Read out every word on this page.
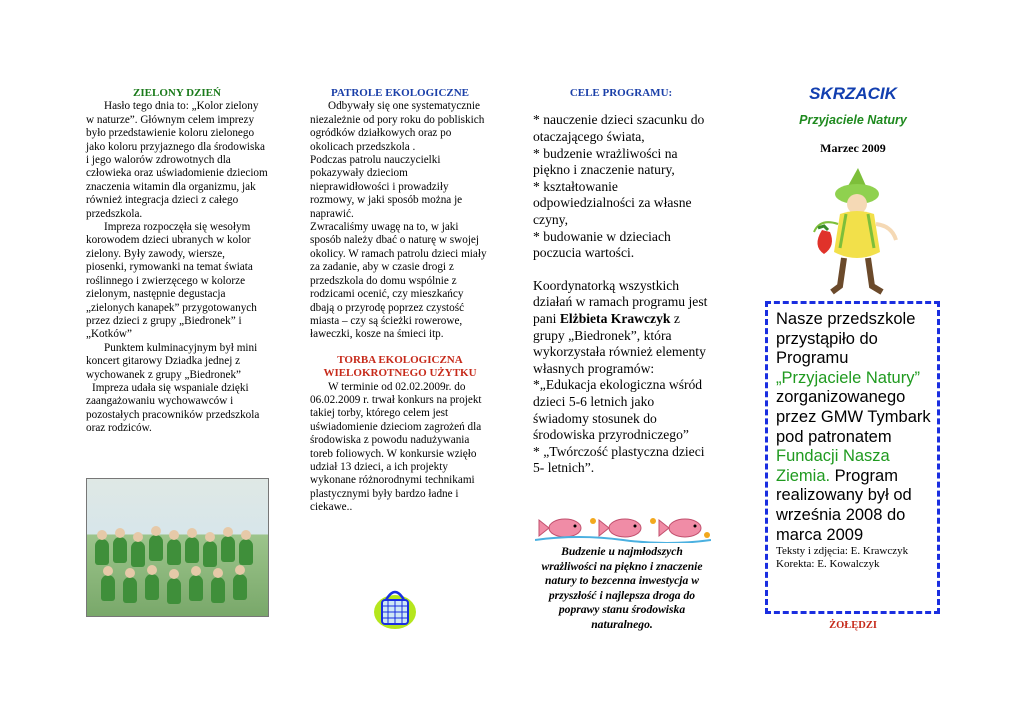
ZIELONY DZIEŃ

Hasło tego dnia to: „Kolor zielony w naturze”. Głównym celem imprezy było przedstawienie koloru zielonego jako koloru przyjaznego dla środowiska i jego walorów zdrowotnych dla człowieka oraz uświadomienie dzieciom znaczenia witamin dla organizmu, jak również integracja dzieci z całego przedszkola.

Impreza rozpoczęła się wesołym korowodem dzieci ubranych w kolor zielony. Były zawody, wiersze, piosenki, rymowanki na temat świata roślinnego i zwierzęcego w kolorze zielonym, następnie degustacja „zielonych kanapek” przygotowanych przez dzieci z grupy „Biedronek” i „Kotków”

Punktem kulminacyjnym był mini koncert gitarowy Dziadka jednej z wychowanek z grupy „Biedronek”

Impreza udała się wspaniale dzięki zaangażowaniu wychowawców i pozostałych pracowników przedszkola oraz rodziców.

PATROLE EKOLOGICZNE

Odbywały się one systematycznie niezależnie od pory roku do pobliskich ogródków działkowych oraz po okolicach przedszkola .

Podczas patrolu nauczycielki pokazywały dzieciom nieprawidłowości i prowadziły rozmowy, w jaki sposób można je naprawić.

Zwracaliśmy uwagę na to, w jaki sposób należy dbać o naturę w swojej okolicy. W ramach patrolu dzieci miały za zadanie, aby w czasie drogi z przedszkola do domu wspólnie z rodzicami ocenić, czy mieszkańcy dbają o przyrodę poprzez czystość miasta – czy są ścieżki rowerowe, ławeczki, kosze na śmieci itp.

TORBA EKOLOGICZNA
WIELOKROTNEGO UŻYTKU

W terminie od 02.02.2009r. do 06.02.2009 r. trwał konkurs na projekt takiej torby, którego celem jest uświadomienie dzieciom zagrożeń dla środowiska z powodu nadużywania toreb foliowych. W konkursie wzięło udział 13 dzieci, a ich projekty wykonane różnorodnymi technikami plastycznymi były bardzo ładne i ciekawe..

CELE PROGRAMU:
* nauczenie dzieci szacunku do otaczającego świata,
* budzenie wrażliwości na piękno i znaczenie natury,
* kształtowanie odpowiedzialności za własne czyny,
* budowanie w dzieciach poczucia wartości.
Koordynatorką wszystkich działań w ramach programu jest pani Elżbieta Krawczyk z grupy „Biedronek”, która wykorzystała również elementy własnych programów:
*„Edukacja ekologiczna wśród dzieci 5-6 letnich jako świadomy stosunek do środowiska przyrodniczego”
* „Twórczość plastyczna dzieci 5- letnich”.
Budzenie u najmłodszych wrażliwości na piękno i znaczenie natury to bezcenna inwestycja w przyszłość i najlepsza droga do poprawy stanu środowiska naturalnego.
SKRZACIK
Przyjaciele Natury
Marzec 2009
Nasze przedszkole przystąpiło do Programu „Przyjaciele Natury” zorganizowanego przez GMW Tymbark pod patronatem Fundacji Nasza Ziemia. Program realizowany był od września 2008 do marca 2009
Teksty i zdjęcia: E. Krawczyk
Korekta: E. Kowalczyk
ŻOŁĘDZI
